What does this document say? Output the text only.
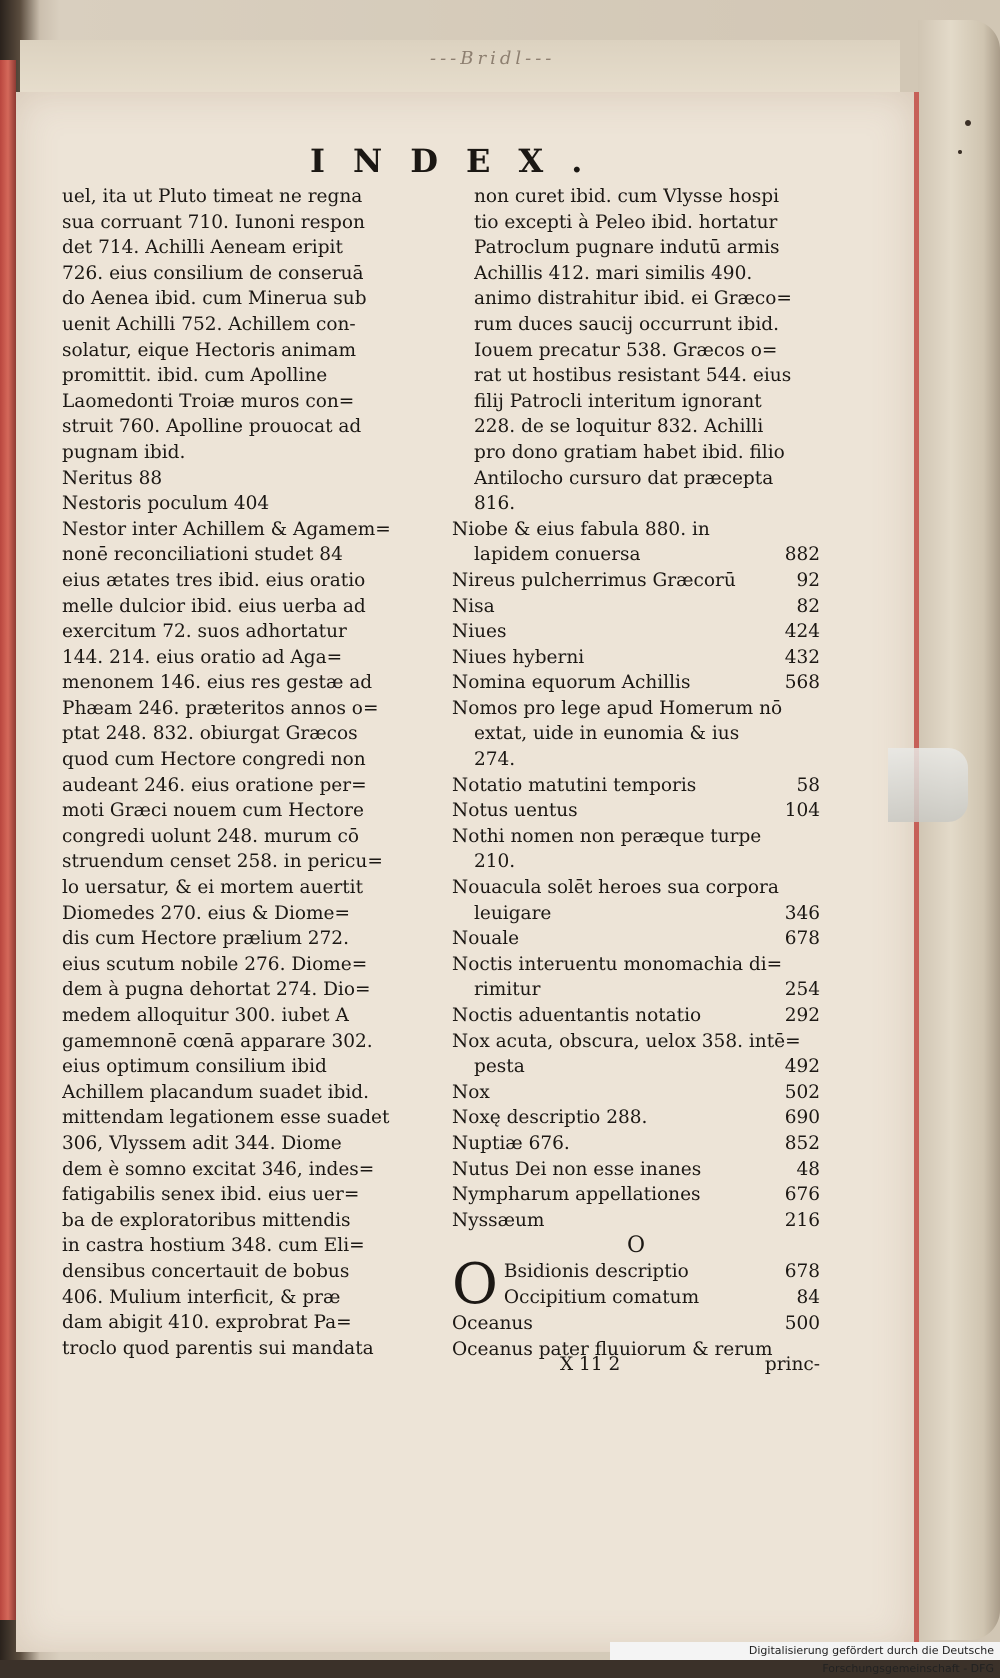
---Bridl---
INDEX.
uel, ita ut Pluto timeat ne regna
sua corruant 710. Iunoni respon
det 714. Achilli Aeneam eripit
726. eius consilium de conseruā
do Aenea ibid. cum Minerua sub
uenit Achilli 752. Achillem con-
solatur, eique Hectoris animam
promittit. ibid. cum Apolline
Laomedonti Troiæ muros con=
struit 760. Apolline prouocat ad
pugnam ibid.
Neritus 88
Nestoris poculum 404
Nestor inter Achillem & Agamem=
nonē reconciliationi studet 84
eius ætates tres ibid. eius oratio
melle dulcior ibid. eius uerba ad
exercitum 72. suos adhortatur
144. 214. eius oratio ad Aga=
menonem 146. eius res gestæ ad
Phæam 246. præteritos annos o=
ptat 248. 832. obiurgat Græcos
quod cum Hectore congredi non
audeant 246. eius oratione per=
moti Græci nouem cum Hectore
congredi uolunt 248. murum cō
struendum censet 258. in pericu=
lo uersatur, & ei mortem auertit
Diomedes 270. eius & Diome=
dis cum Hectore prælium 272.
eius scutum nobile 276. Diome=
dem à pugna dehortat 274. Dio=
medem alloquitur 300. iubet A
gamemnonē cœnā apparare 302.
eius optimum consilium ibid
Achillem placandum suadet ibid.
mittendam legationem esse suadet
306, Vlyssem adit 344. Diome
dem è somno excitat 346, indes=
fatigabilis senex ibid. eius uer=
ba de exploratoribus mittendis
in castra hostium 348. cum Eli=
densibus concertauit de bobus
406. Mulium interficit, & præ
dam abigit 410. exprobrat Pa=
troclo quod parentis sui mandata
non curet ibid. cum Vlysse hospi
tio excepti à Peleo ibid. hortatur
Patroclum pugnare indutū armis
Achillis 412. mari similis 490.
animo distrahitur ibid. ei Græco=
rum duces saucij occurrunt ibid.
Iouem precatur 538. Græcos o=
rat ut hostibus resistant 544. eius
filij Patrocli interitum ignorant
228. de se loquitur 832. Achilli
pro dono gratiam habet ibid. filio
Antilocho cursuro dat præcepta
816.
Niobe & eius fabula 880. in
lapidem conuersa	882
Nireus pulcherrimus Græcorū	92
Nisa	82
Niues	424
Niues hyberni	432
Nomina equorum Achillis	568
Nomos pro lege apud Homerum nō
extat, uide in eunomia & ius
274.
Notatio matutini temporis	58
Notus uentus	104
Nothi nomen non peræque turpe
210.
Nouacula solēt heroes sua corpora
leuigare	346
Nouale	678
Noctis interuentu monomachia di=
rimitur	254
Noctis aduentantis notatio	292
Nox acuta, obscura, uelox 358. intē=
pesta	492
Nox	502
Noxę descriptio 288.	690
Nuptiæ 676.	852
Nutus Dei non esse inanes	48
Nympharum appellationes	676
Nyssæum	216
O
O Bsidionis descriptio	678
Occipitium comatum	84
Oceanus	500
Oceanus pater fluuiorum & rerum
X 11 2	princ-
Digitalisierung gefördert durch die Deutsche Forschungsgemeinschaft - DFG
